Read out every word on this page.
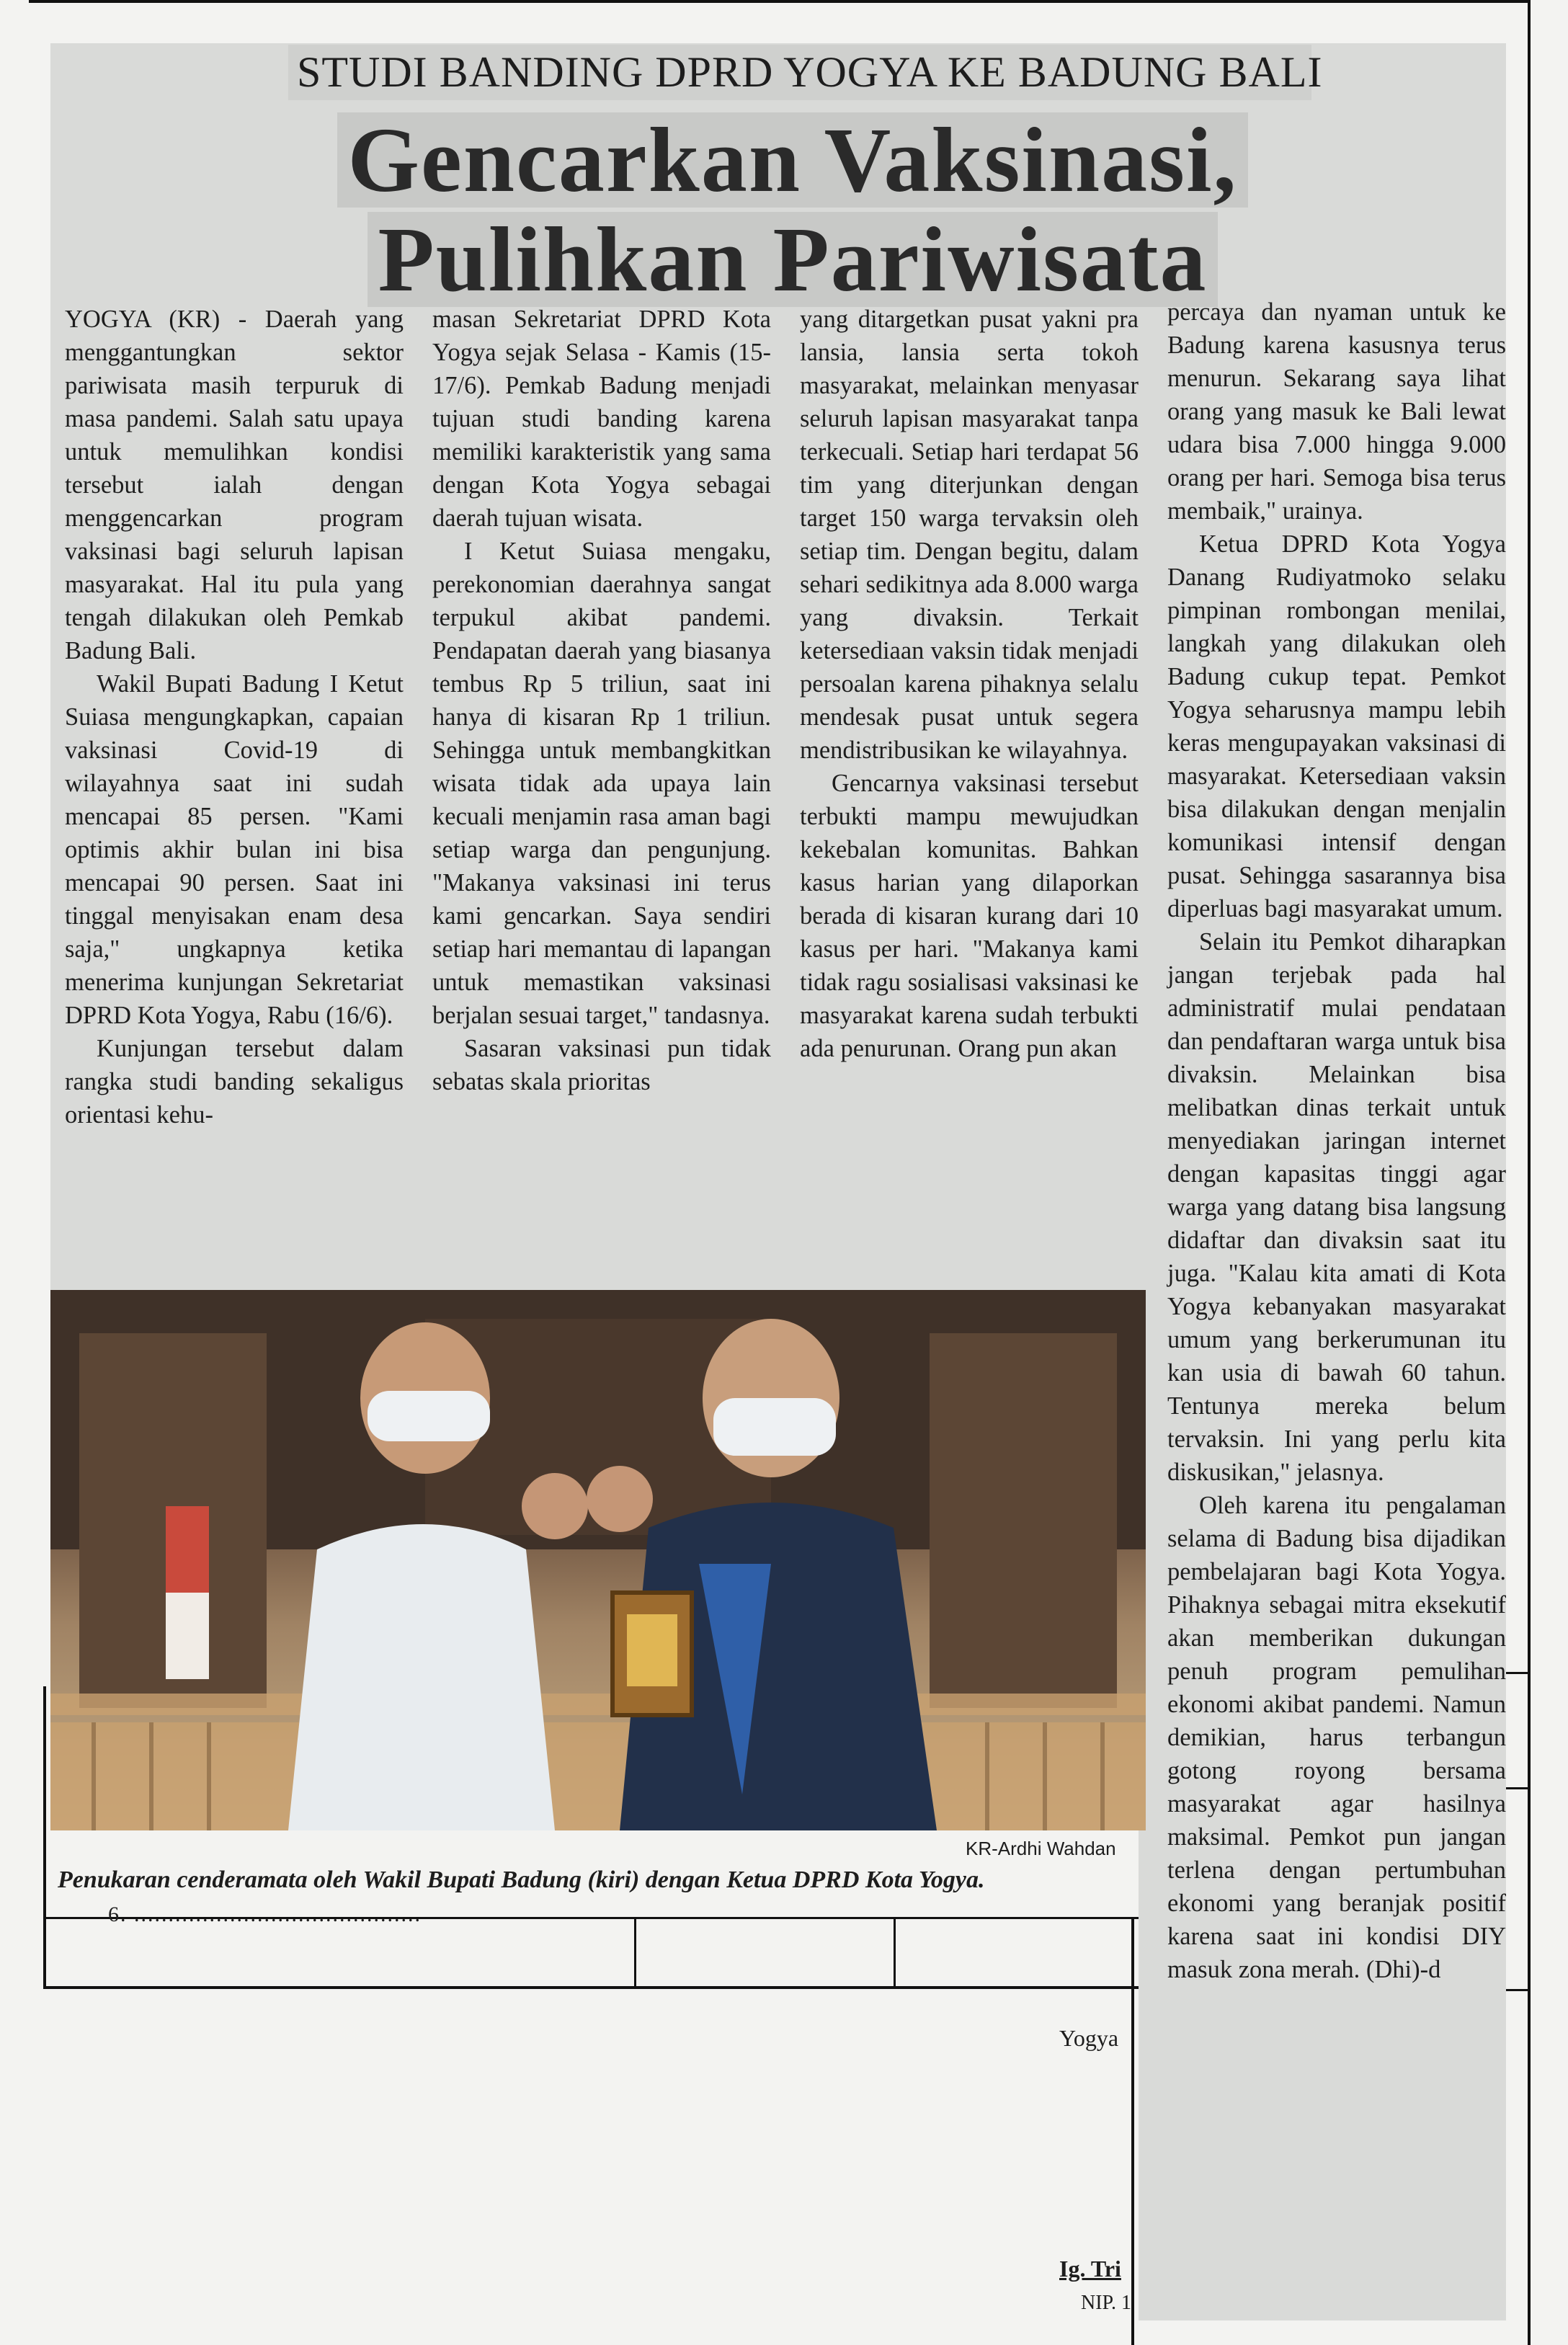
STUDI BANDING DPRD YOGYA KE BADUNG BALI
Gencarkan Vaksinasi,
Pulihkan Pariwisata

YOGYA (KR) - Daerah yang menggantungkan sektor pariwisata masih terpuruk di masa pandemi. Salah satu upaya untuk memulihkan kondisi tersebut ialah dengan menggencarkan program vaksinasi bagi seluruh lapisan masyarakat. Hal itu pula yang tengah dilakukan oleh Pemkab Badung Bali.

Wakil Bupati Badung I Ketut Suiasa mengungkapkan, capaian vaksinasi Covid-19 di wilayahnya saat ini sudah mencapai 85 persen. "Kami optimis akhir bulan ini bisa mencapai 90 persen. Saat ini tinggal menyisakan enam desa saja," ungkapnya ketika menerima kunjungan Sekretariat DPRD Kota Yogya, Rabu (16/6).

Kunjungan tersebut dalam rangka studi banding sekaligus orientasi kehu-

masan Sekretariat DPRD Kota Yogya sejak Selasa - Kamis (15-17/6). Pemkab Badung menjadi tujuan studi banding karena memiliki karakteristik yang sama dengan Kota Yogya sebagai daerah tujuan wisata.

I Ketut Suiasa mengaku, perekonomian daerahnya sangat terpukul akibat pandemi. Pendapatan daerah yang biasanya tembus Rp 5 triliun, saat ini hanya di kisaran Rp 1 triliun. Sehingga untuk membangkitkan wisata tidak ada upaya lain kecuali menjamin rasa aman bagi setiap warga dan pengunjung. "Makanya vaksinasi ini terus kami gencarkan. Saya sendiri setiap hari memantau di lapangan untuk memastikan vaksinasi berjalan sesuai target," tandasnya.

Sasaran vaksinasi pun tidak sebatas skala prioritas

yang ditargetkan pusat yakni pra lansia, lansia serta tokoh masyarakat, melainkan menyasar seluruh lapisan masyarakat tanpa terkecuali. Setiap hari terdapat 56 tim yang diterjunkan dengan target 150 warga tervaksin oleh setiap tim. Dengan begitu, dalam sehari sedikitnya ada 8.000 warga yang divaksin. Terkait ketersediaan vaksin tidak menjadi persoalan karena pihaknya selalu mendesak pusat untuk segera mendistribusikan ke wilayahnya.

Gencarnya vaksinasi tersebut terbukti mampu mewujudkan kekebalan komunitas. Bahkan kasus harian yang dilaporkan berada di kisaran kurang dari 10 kasus per hari. "Makanya kami tidak ragu sosialisasi vaksinasi ke masyarakat karena sudah terbukti ada penurunan. Orang pun akan

percaya dan nyaman untuk ke Badung karena kasusnya terus menurun. Sekarang saya lihat orang yang masuk ke Bali lewat udara bisa 7.000 hingga 9.000 orang per hari. Semoga bisa terus membaik," urainya.

Ketua DPRD Kota Yogya Danang Rudiyatmoko selaku pimpinan rombongan menilai, langkah yang dilakukan oleh Badung cukup tepat. Pemkot Yogya seharusnya mampu lebih keras mengupayakan vaksinasi di masyarakat. Ketersediaan vaksin bisa dilakukan dengan menjalin komunikasi intensif dengan pusat. Sehingga sasarannya bisa diperluas bagi masyarakat umum.

Selain itu Pemkot diharapkan jangan terjebak pada hal administratif mulai pendataan dan pendaftaran warga untuk bisa divaksin. Melainkan bisa melibatkan dinas terkait untuk menyediakan jaringan internet dengan kapasitas tinggi agar warga yang datang bisa langsung didaftar dan divaksin saat itu juga. "Kalau kita amati di Kota Yogya kebanyakan masyarakat umum yang berkerumunan itu kan usia di bawah 60 tahun. Tentunya mereka belum tervaksin. Ini yang perlu kita diskusikan," jelasnya.

Oleh karena itu pengalaman selama di Badung bisa dijadikan pembelajaran bagi Kota Yogya. Pihaknya sebagai mitra eksekutif akan memberikan dukungan penuh program pemulihan ekonomi akibat pandemi. Namun demikian, harus terbangun gotong royong bersama masyarakat agar hasilnya maksimal. Pemkot pun jangan terlena dengan pertumbuhan ekonomi yang beranjak positif karena saat ini kondisi DIY masuk zona merah. (Dhi)-d

KR-Ardhi Wahdan
Penukaran cenderamata oleh Wakil Bupati Badung (kiri) dengan Ketua DPRD Kota Yogya.
6. ..........................................
Yogya
Ig. Tri
NIP. 1
